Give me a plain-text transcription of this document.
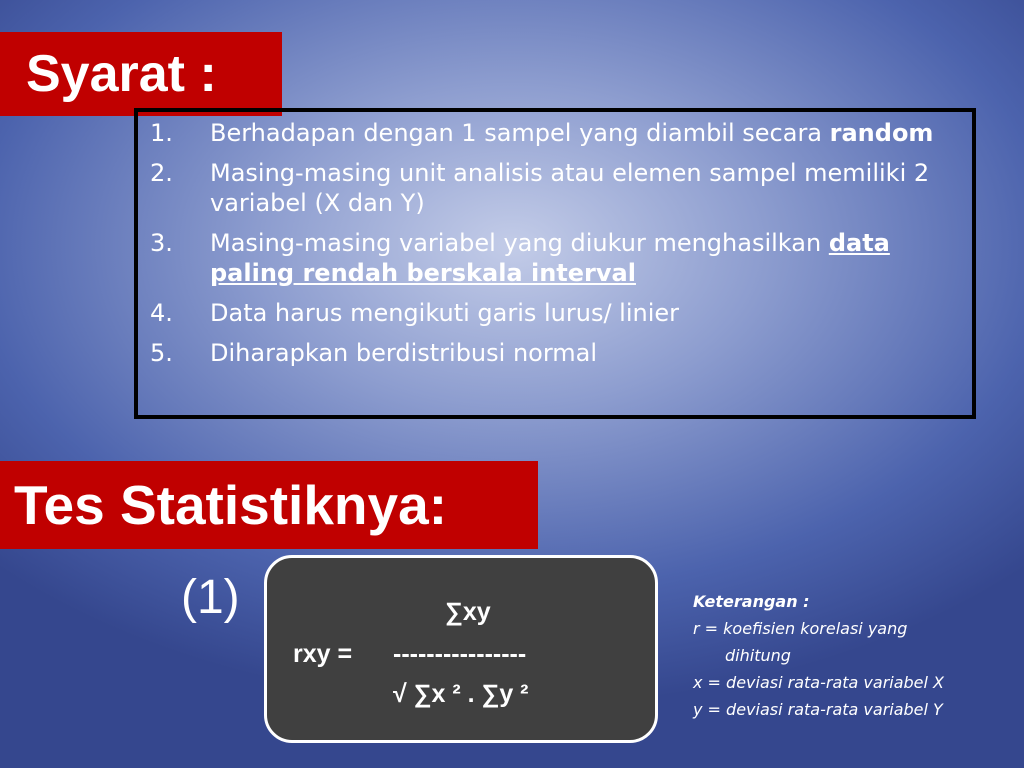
Syarat :
1. Berhadapan dengan 1 sampel yang diambil secara random
2. Masing-masing unit analisis atau elemen sampel memiliki 2 variabel (X dan Y)
3. Masing-masing variabel yang diukur menghasilkan data paling rendah berskala interval
4. Data harus mengikuti garis lurus/ linier
5. Diharapkan berdistribusi normal
Tes Statistiknya:
(1)	∑xy
rxy = ----------------
√ ∑x ² . ∑y ²
Keterangan :
r = koefisien korelasi yang
dihitung
x = deviasi rata-rata variabel X
y = deviasi rata-rata variabel Y
